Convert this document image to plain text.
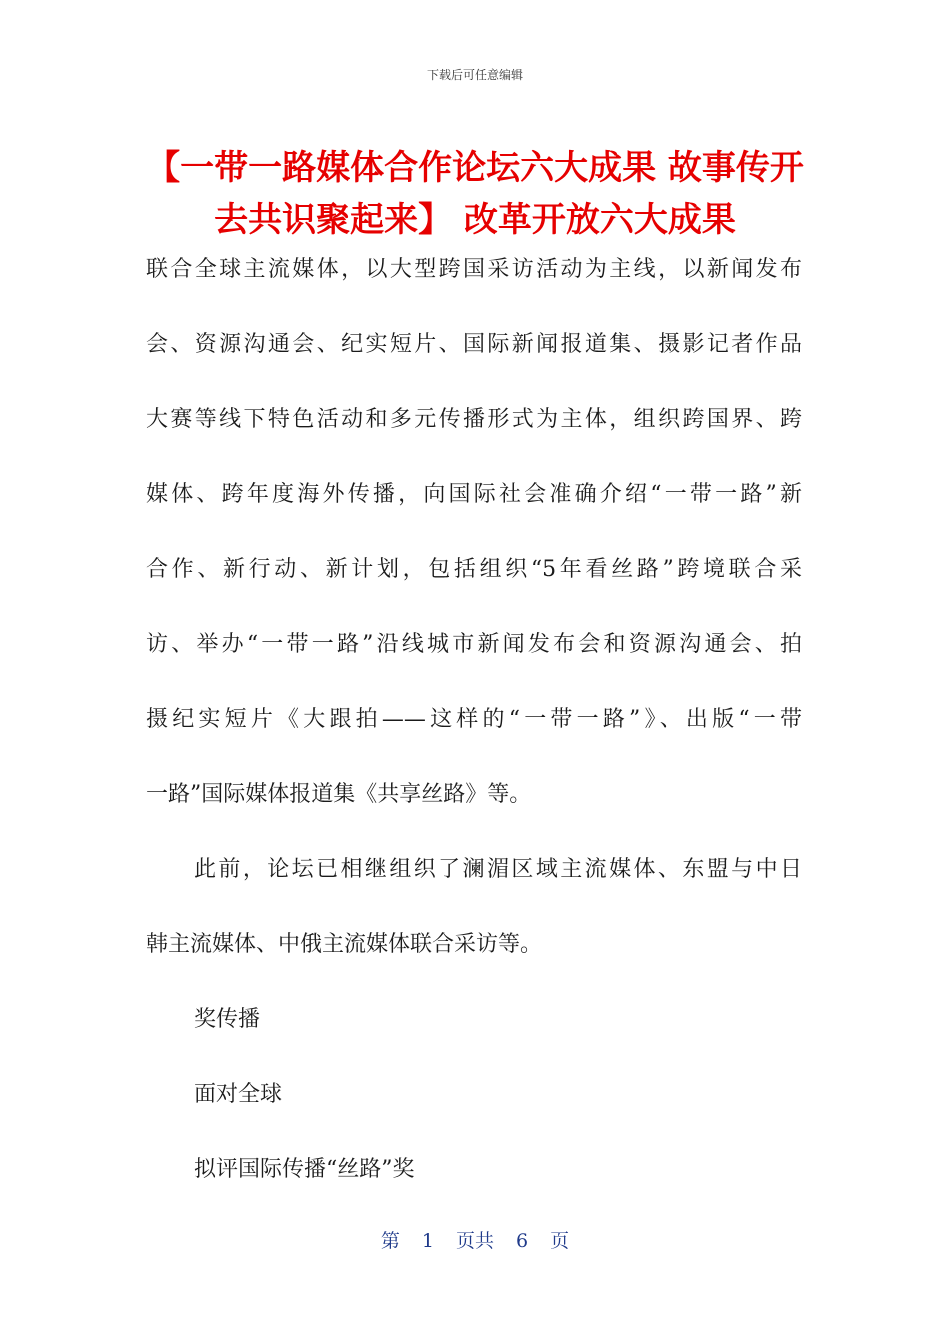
下载后可任意编辑
【一带一路媒体合作论坛六大成果 故事传开
去共识聚起来】 改革开放六大成果
联合全球主流媒体，以大型跨国采访活动为主线，以新闻发布
会、资源沟通会、纪实短片、国际新闻报道集、摄影记者作品
大赛等线下特色活动和多元传播形式为主体，组织跨国界、跨
媒体、跨年度海外传播，向国际社会准确介绍“一带一路”新
合作、新行动、新计划，包括组织“5年看丝路”跨境联合采
访、举办“一带一路”沿线城市新闻发布会和资源沟通会、拍
摄纪实短片《大跟拍——这样的“一带一路”》、出版“一带
一路”国际媒体报道集《共享丝路》等。
此前，论坛已相继组织了澜湄区域主流媒体、东盟与中日
韩主流媒体、中俄主流媒体联合采访等。
奖传播
面对全球
拟评国际传播“丝路”奖
第 1 页共 6 页
